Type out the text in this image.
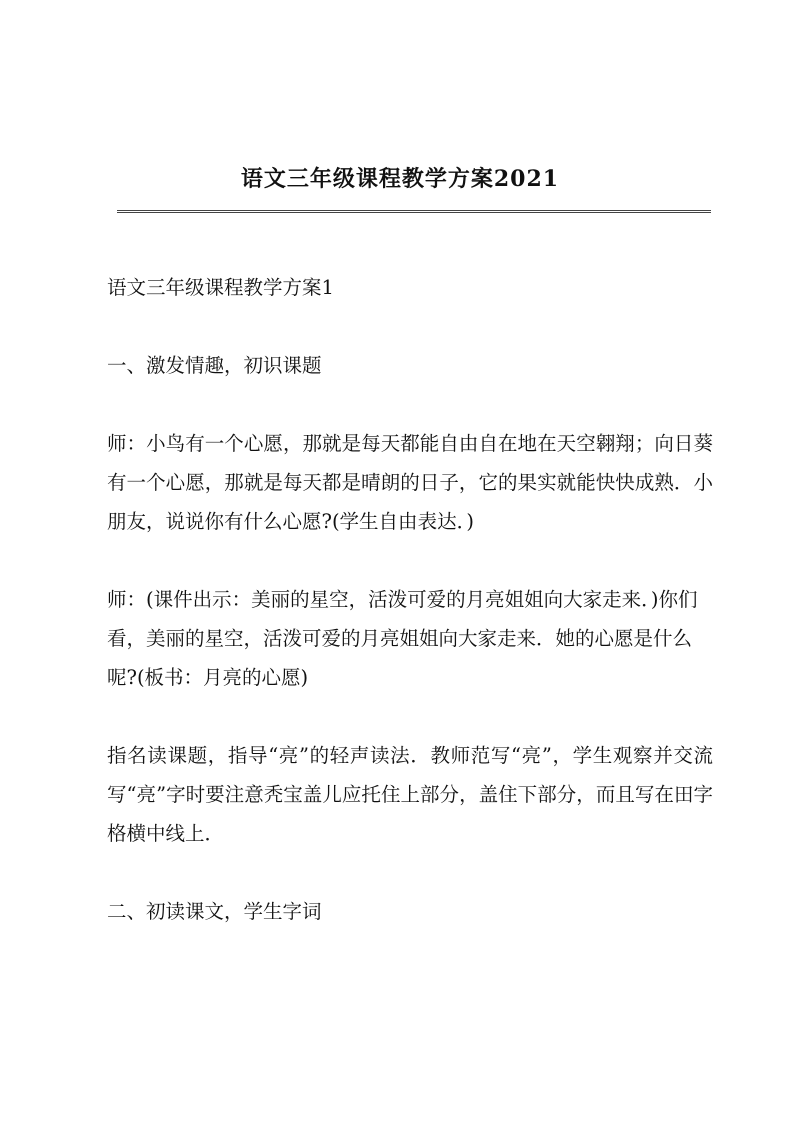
语文三年级课程教学方案2021

语文三年级课程教学方案1

一、激发情趣，初识课题

师：小鸟有一个心愿，那就是每天都能自由自在地在天空翱翔；向日葵有一个心愿，那就是每天都是晴朗的日子，它的果实就能快快成熟．小朋友，说说你有什么心愿?(学生自由表达．)

师：(课件出示：美丽的星空，活泼可爱的月亮姐姐向大家走来．)你们看，美丽的星空，活泼可爱的月亮姐姐向大家走来．她的心愿是什么呢?(板书：月亮的心愿)

指名读课题，指导“亮”的轻声读法．教师范写“亮”，学生观察并交流写“亮”字时要注意秃宝盖儿应托住上部分，盖住下部分，而且写在田字格横中线上．

二、初读课文，学生字词
